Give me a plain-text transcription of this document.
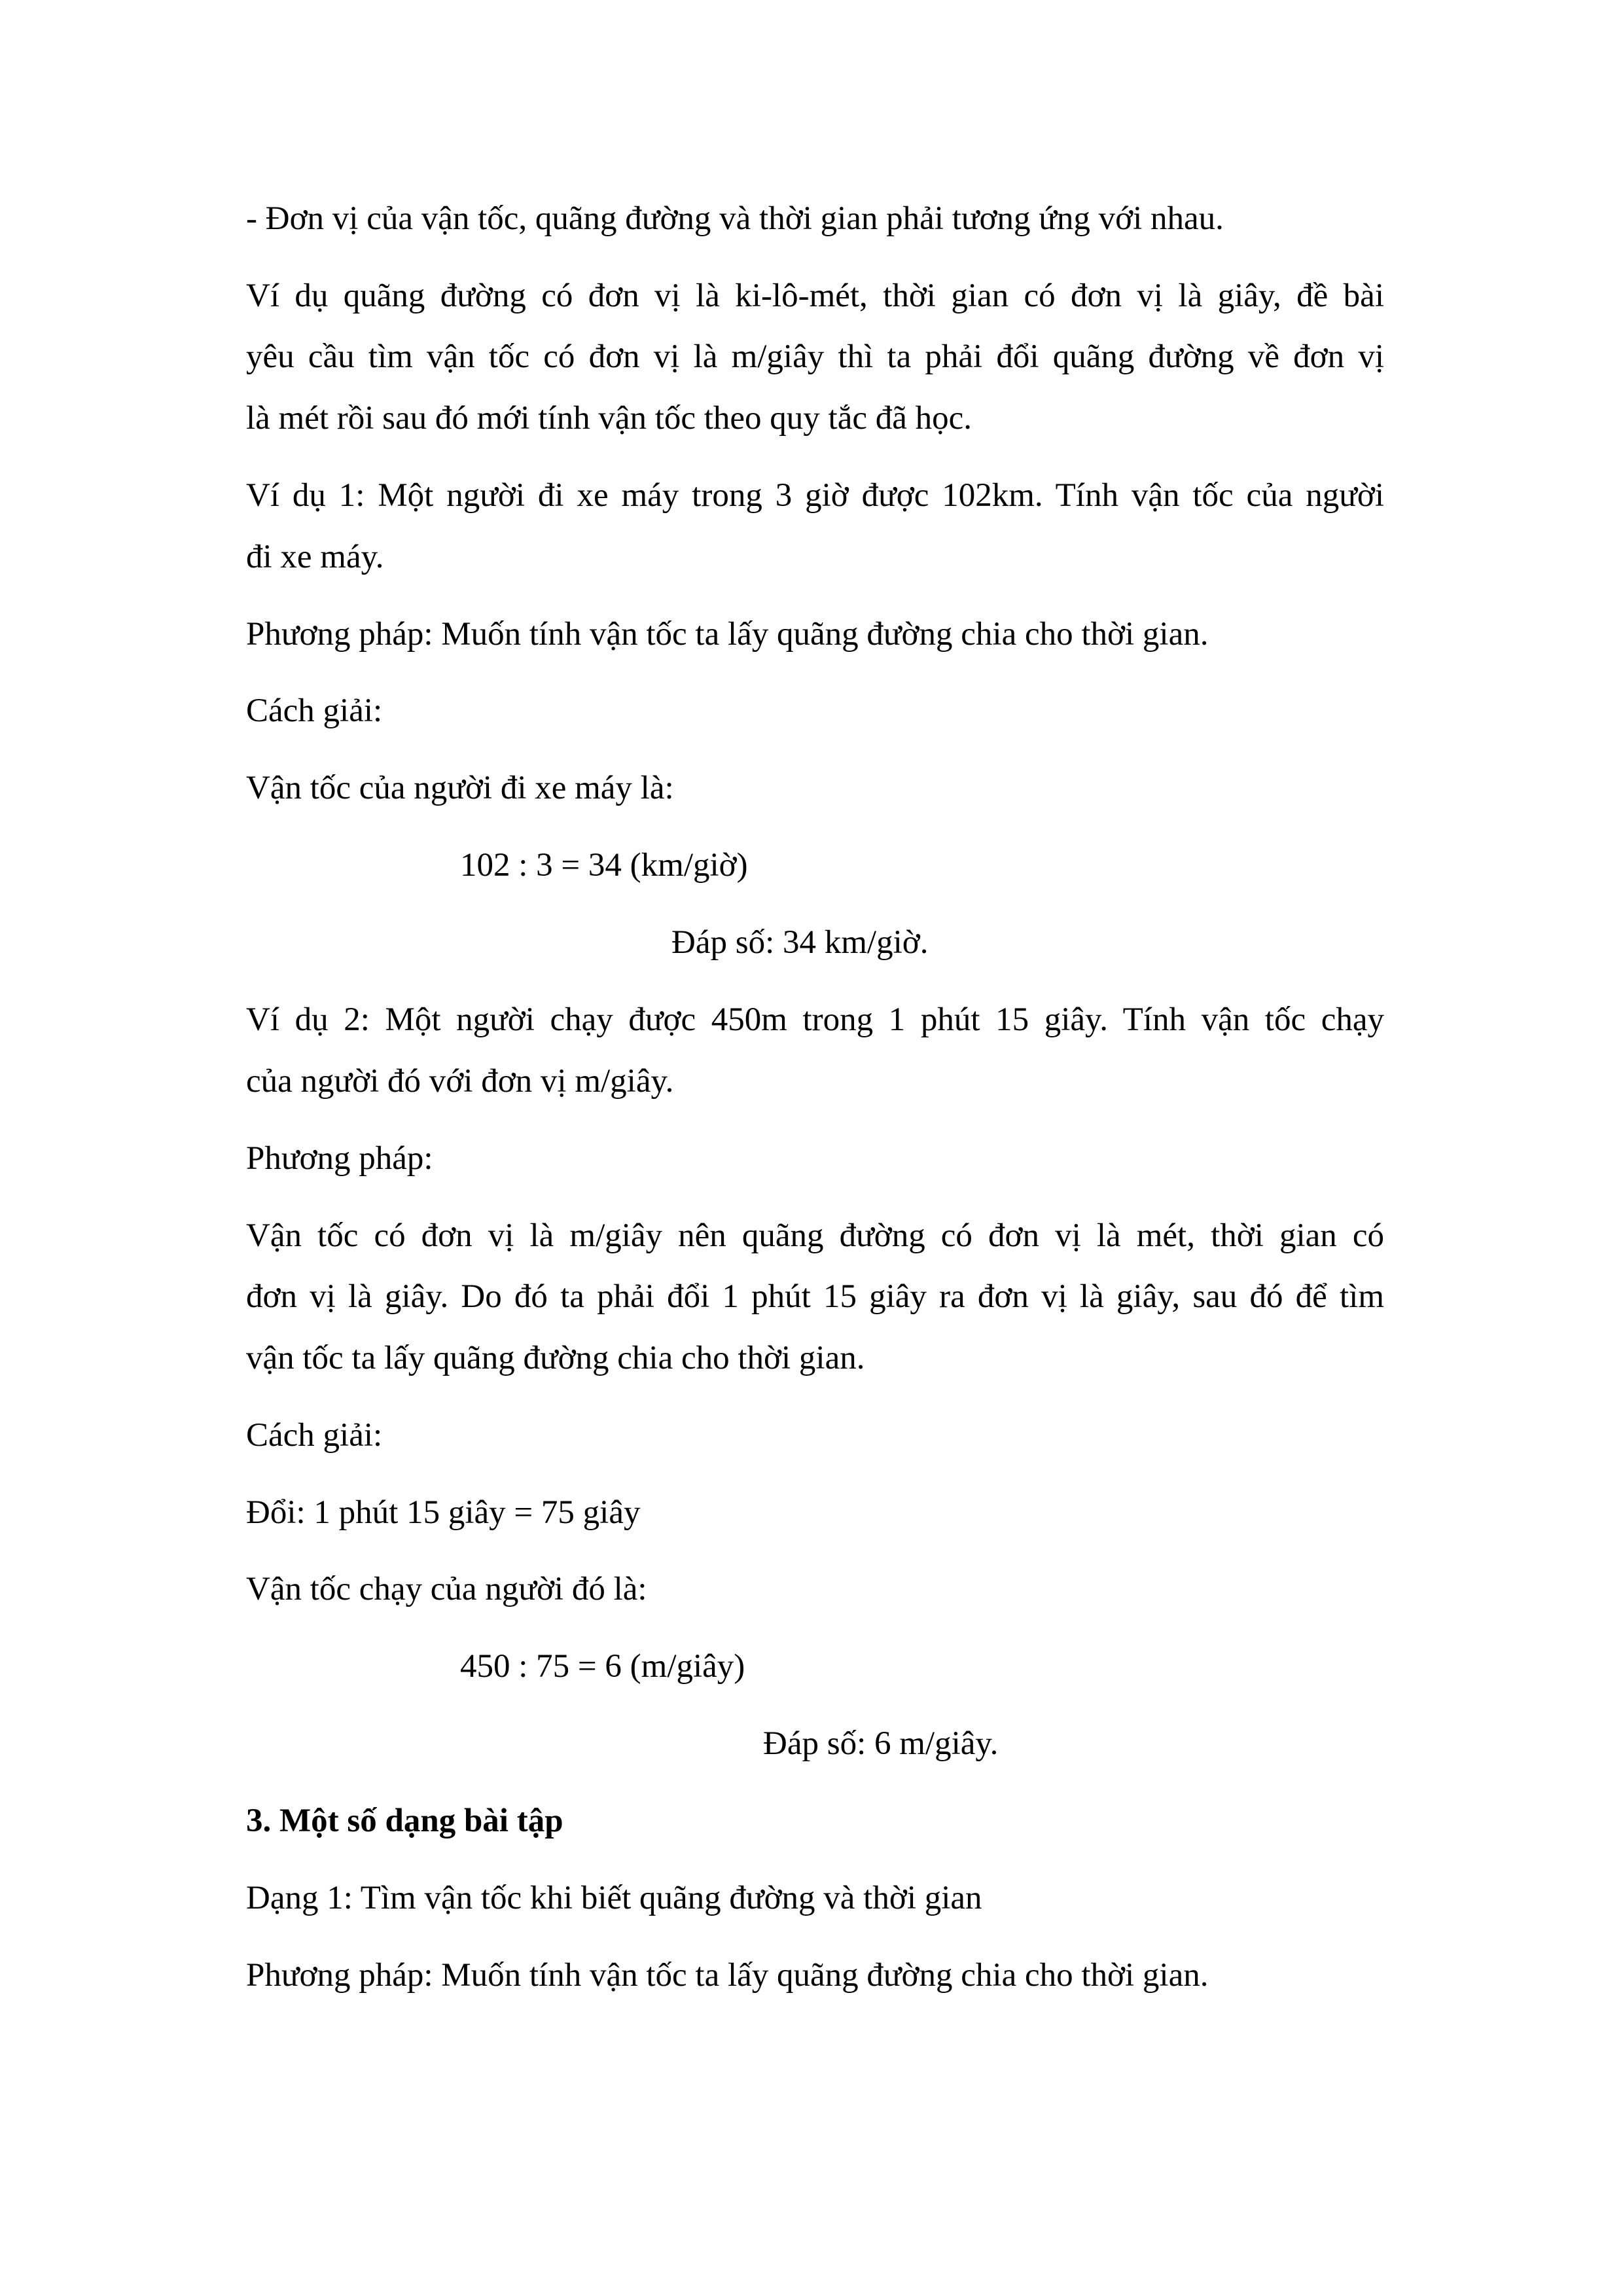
- Đơn vị của vận tốc, quãng đường và thời gian phải tương ứng với nhau.

Ví dụ quãng đường có đơn vị là ki-lô-mét, thời gian có đơn vị là giây, đề bài

yêu cầu tìm vận tốc có đơn vị là m/giây thì ta phải đổi quãng đường về đơn vị

là mét rồi sau đó mới tính vận tốc theo quy tắc đã học.

Ví dụ 1: Một người đi xe máy trong 3 giờ được 102km. Tính vận tốc của người

đi xe máy.

Phương pháp: Muốn tính vận tốc ta lấy quãng đường chia cho thời gian.

Cách giải:

Vận tốc của người đi xe máy là:

102 : 3 = 34 (km/giờ)

Đáp số: 34 km/giờ.

Ví dụ 2: Một người chạy được 450m trong 1 phút 15 giây. Tính vận tốc chạy

của người đó với đơn vị m/giây.

Phương pháp:

Vận tốc có đơn vị là m/giây nên quãng đường có đơn vị là mét, thời gian có

đơn vị là giây. Do đó ta phải đổi 1 phút 15 giây ra đơn vị là giây, sau đó để tìm

vận tốc ta lấy quãng đường chia cho thời gian.

Cách giải:

Đổi: 1 phút 15 giây = 75 giây

Vận tốc chạy của người đó là:

450 : 75 = 6 (m/giây)

Đáp số: 6 m/giây.

3. Một số dạng bài tập

Dạng 1: Tìm vận tốc khi biết quãng đường và thời gian

Phương pháp: Muốn tính vận tốc ta lấy quãng đường chia cho thời gian.
